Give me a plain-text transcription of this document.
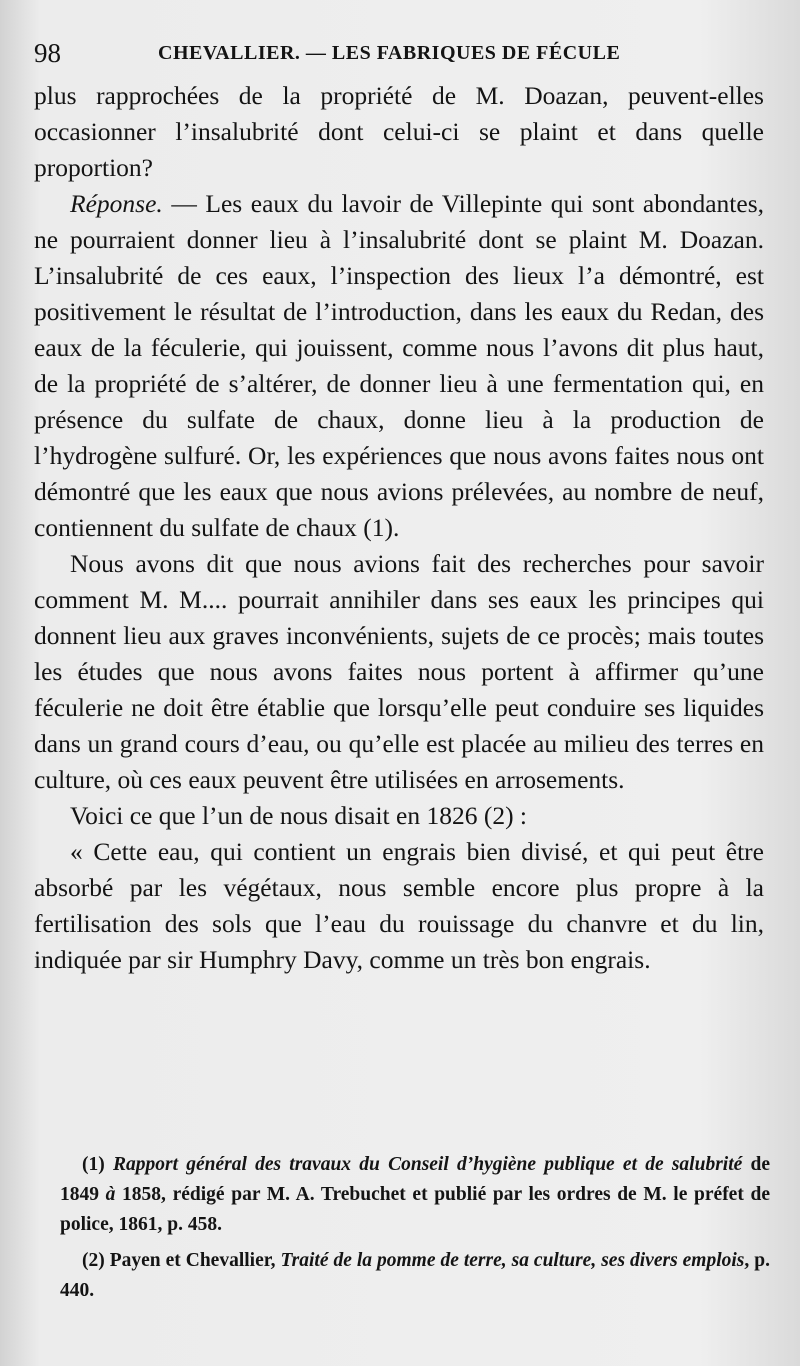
98	CHEVALLIER. — LES FABRIQUES DE FÉCULE

plus rapprochées de la propriété de M. Doazan, peuvent-elles occasionner l’insalubrité dont celui-ci se plaint et dans quelle proportion?

Réponse. — Les eaux du lavoir de Villepinte qui sont abondantes, ne pourraient donner lieu à l’insalubrité dont se plaint M. Doazan. L’insalubrité de ces eaux, l’inspection des lieux l’a démontré, est positivement le résultat de l’introduction, dans les eaux du Redan, des eaux de la féculerie, qui jouissent, comme nous l’avons dit plus haut, de la propriété de s’altérer, de donner lieu à une fermentation qui, en présence du sulfate de chaux, donne lieu à la production de l’hydrogène sulfuré. Or, les expériences que nous avons faites nous ont démontré que les eaux que nous avions prélevées, au nombre de neuf, contiennent du sulfate de chaux (1).

Nous avons dit que nous avions fait des recherches pour savoir comment M. M.... pourrait annihiler dans ses eaux les principes qui donnent lieu aux graves inconvénients, sujets de ce procès; mais toutes les études que nous avons faites nous portent à affirmer qu’une féculerie ne doit être établie que lorsqu’elle peut conduire ses liquides dans un grand cours d’eau, ou qu’elle est placée au milieu des terres en culture, où ces eaux peuvent être utilisées en arrosements.

Voici ce que l’un de nous disait en 1826 (2) :

« Cette eau, qui contient un engrais bien divisé, et qui peut être absorbé par les végétaux, nous semble encore plus propre à la fertilisation des sols que l’eau du rouissage du chanvre et du lin, indiquée par sir Humphry Davy, comme un très bon engrais.

(1) Rapport général des travaux du Conseil d’hygiène publique et de salubrité de 1849 à 1858, rédigé par M. A. Trebuchet et publié par les ordres de M. le préfet de police, 1861, p. 458.

(2) Payen et Chevallier, Traité de la pomme de terre, sa culture, ses divers emplois, p. 440.
